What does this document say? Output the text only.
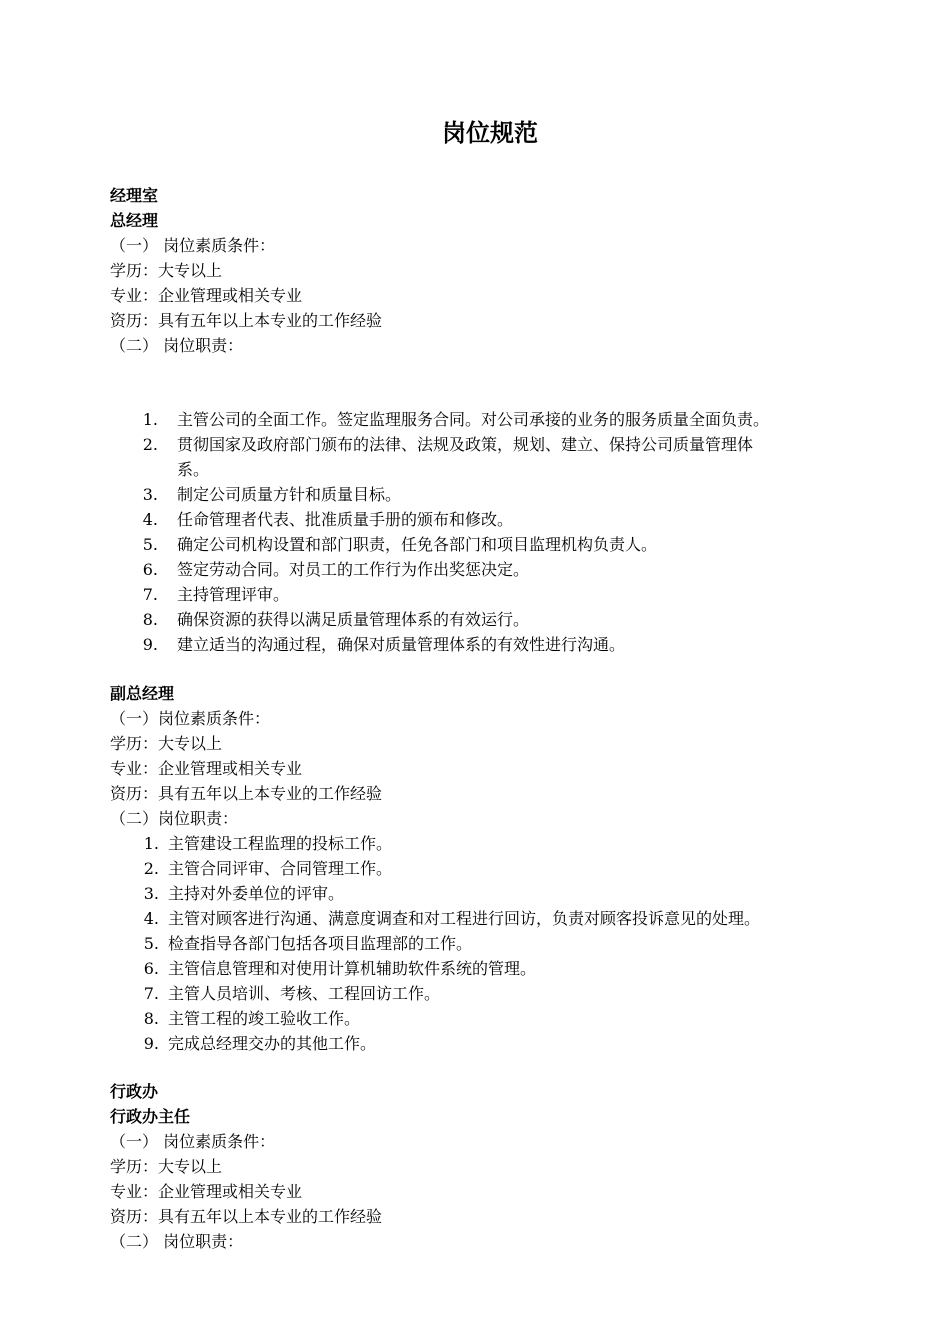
岗位规范
经理室
总经理
（一） 岗位素质条件：
学历：大专以上
专业：企业管理或相关专业
资历：具有五年以上本专业的工作经验
（二） 岗位职责：
1. 主管公司的全面工作。签定监理服务合同。对公司承接的业务的服务质量全面负责。
2. 贯彻国家及政府部门颁布的法律、法规及政策，规划、建立、保持公司质量管理体
系。
3. 制定公司质量方针和质量目标。
4. 任命管理者代表、批准质量手册的颁布和修改。
5. 确定公司机构设置和部门职责，任免各部门和项目监理机构负责人。
6. 签定劳动合同。对员工的工作行为作出奖惩决定。
7. 主持管理评审。
8. 确保资源的获得以满足质量管理体系的有效运行。
9. 建立适当的沟通过程，确保对质量管理体系的有效性进行沟通。
副总经理
（一）岗位素质条件：
学历：大专以上
专业：企业管理或相关专业
资历：具有五年以上本专业的工作经验
（二）岗位职责：
1. 主管建设工程监理的投标工作。
2. 主管合同评审、合同管理工作。
3. 主持对外委单位的评审。
4. 主管对顾客进行沟通、满意度调查和对工程进行回访，负责对顾客投诉意见的处理。
5. 检查指导各部门包括各项目监理部的工作。
6. 主管信息管理和对使用计算机辅助软件系统的管理。
7. 主管人员培训、考核、工程回访工作。
8. 主管工程的竣工验收工作。
9. 完成总经理交办的其他工作。
行政办
行政办主任
（一） 岗位素质条件：
学历：大专以上
专业：企业管理或相关专业
资历：具有五年以上本专业的工作经验
（二） 岗位职责：
